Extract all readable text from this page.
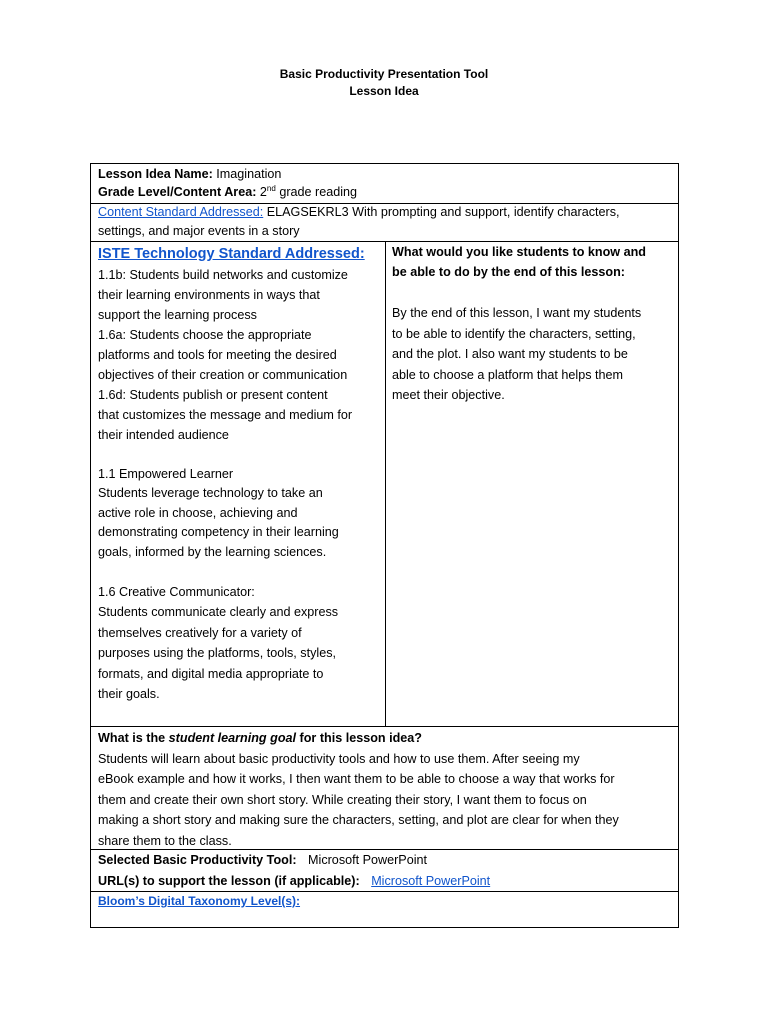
Basic Productivity Presentation Tool
Lesson Idea
Lesson Idea Name: Imagination
Grade Level/Content Area: 2nd grade reading
Content Standard Addressed: ELAGSEKRL3 With prompting and support, identify characters,
settings, and major events in a story
ISTE Technology Standard Addressed:
1.1b: Students build networks and customize
their learning environments in ways that
support the learning process
1.6a: Students choose the appropriate
platforms and tools for meeting the desired
objectives of their creation or communication
1.6d: Students publish or present content
that customizes the message and medium for
their intended audience
1.1 Empowered Learner
Students leverage technology to take an
active role in choose, achieving and
demonstrating competency in their learning
goals, informed by the learning sciences.
1.6 Creative Communicator:
Students communicate clearly and express
themselves creatively for a variety of
purposes using the platforms, tools, styles,
formats, and digital media appropriate to
their goals.
What would you like students to know and
be able to do by the end of this lesson:
By the end of this lesson, I want my students
to be able to identify the characters, setting,
and the plot. I also want my students to be
able to choose a platform that helps them
meet their objective.
What is the student learning goal for this lesson idea?
Students will learn about basic productivity tools and how to use them. After seeing my
eBook example and how it works, I then want them to be able to choose a way that works for
them and create their own short story. While creating their story, I want them to focus on
making a short story and making sure the characters, setting, and plot are clear for when they
share them to the class.
Selected Basic Productivity Tool: Microsoft PowerPoint
URL(s) to support the lesson (if applicable): Microsoft PowerPoint
Bloom’s Digital Taxonomy Level(s):
